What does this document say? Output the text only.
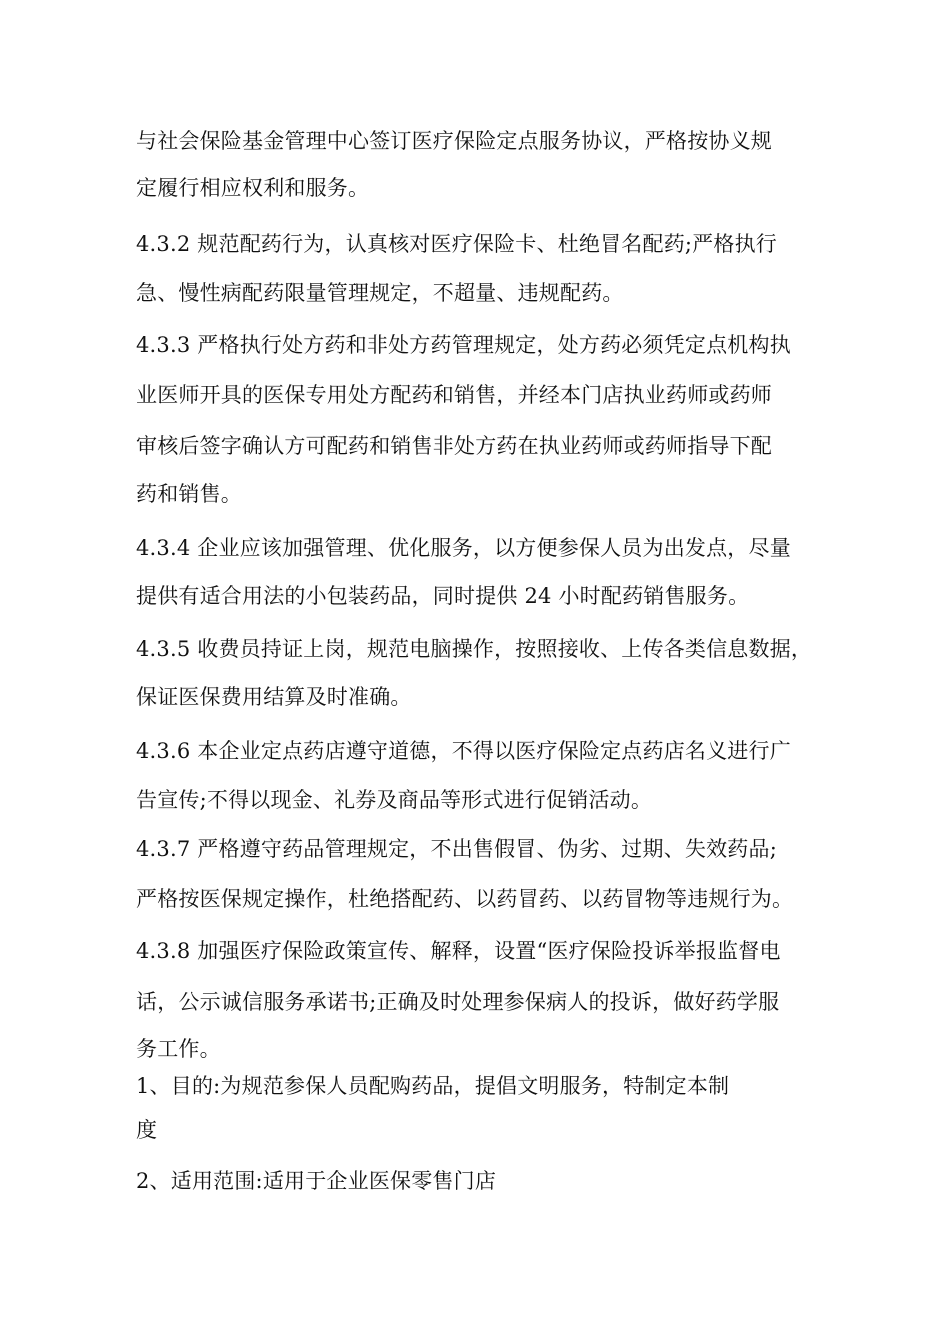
与社会保险基金管理中心签订医疗保险定点服务协议，严格按协义规
定履行相应权利和服务。
4.3.2 规范配药行为，认真核对医疗保险卡、杜绝冒名配药;严格执行
急、慢性病配药限量管理规定，不超量、违规配药。
4.3.3 严格执行处方药和非处方药管理规定，处方药必须凭定点机构执
业医师开具的医保专用处方配药和销售，并经本门店执业药师或药师
审核后签字确认方可配药和销售非处方药在执业药师或药师指导下配
药和销售。
4.3.4 企业应该加强管理、优化服务，以方便参保人员为出发点，尽量
提供有适合用法的小包装药品，同时提供 24 小时配药销售服务。
4.3.5 收费员持证上岗，规范电脑操作，按照接收、上传各类信息数据，
保证医保费用结算及时准确。
4.3.6 本企业定点药店遵守道德，不得以医疗保险定点药店名义进行广
告宣传;不得以现金、礼券及商品等形式进行促销活动。
4.3.7 严格遵守药品管理规定，不出售假冒、伪劣、过期、失效药品;
严格按医保规定操作，杜绝搭配药、以药冒药、以药冒物等违规行为。
4.3.8 加强医疗保险政策宣传、解释，设置“医疗保险投诉举报监督电
话，公示诚信服务承诺书;正确及时处理参保病人的投诉，做好药学服
务工作。
1、目的:为规范参保人员配购药品，提倡文明服务，特制定本制
度
2、适用范围:适用于企业医保零售门店
